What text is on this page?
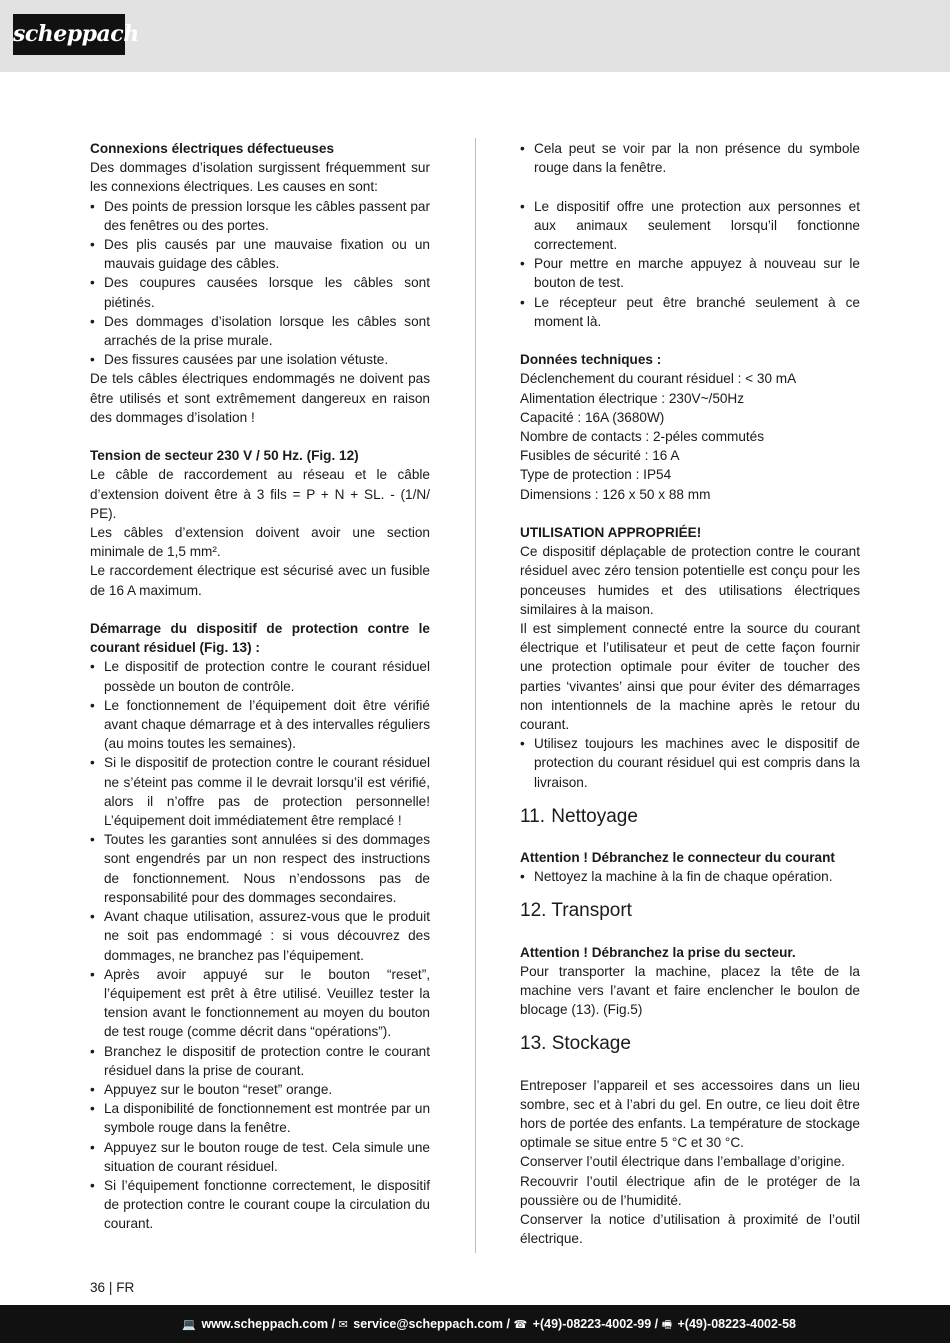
scheppach

Connexions électriques défectueuses

Des dommages d’isolation surgissent fréquemment sur les connexions électriques. Les causes en sont:

• Des points de pression lorsque les câbles passent par des fenêtres ou des portes.
• Des plis causés par une mauvaise fixation ou un mauvais guidage des câbles.
• Des coupures causées lorsque les câbles sont piétinés.
• Des dommages d’isolation lorsque les câbles sont arrachés de la prise murale.
• Des fissures causées par une isolation vétuste.

De tels câbles électriques endommagés ne doivent pas être utilisés et sont extrêmement dangereux en raison des dommages d’isolation !

Tension de secteur 230 V / 50 Hz. (Fig. 12)

Le câble de raccordement au réseau et le câble d’extension doivent être à 3 fils = P + N + SL. - (1/N/ PE).

Les câbles d’extension doivent avoir une section minimale de 1,5 mm².

Le raccordement électrique est sécurisé avec un fusible de 16 A maximum.

Démarrage du dispositif de protection contre le courant résiduel (Fig. 13) :

• Le dispositif de protection contre le courant résiduel possède un bouton de contrôle.
• Le fonctionnement de l’équipement doit être vérifié avant chaque démarrage et à des intervalles réguliers (au moins toutes les semaines).
• Si le dispositif de protection contre le courant résiduel ne s’éteint pas comme il le devrait lorsqu’il est vérifié, alors il n’offre pas de protection personnelle! L’équipement doit immédiatement être remplacé !
• Toutes les garanties sont annulées si des dommages sont engendrés par un non respect des instructions de fonctionnement. Nous n’endossons pas de responsabilité pour des dommages secondaires.
• Avant chaque utilisation, assurez-vous que le produit ne soit pas endommagé : si vous découvrez des dommages, ne branchez pas l’équipement.
• Après avoir appuyé sur le bouton “reset”, l’équipement est prêt à être utilisé. Veuillez tester la tension avant le fonctionnement au moyen du bouton de test rouge (comme décrit dans “opérations”).
• Branchez le dispositif de protection contre le courant résiduel dans la prise de courant.
• Appuyez sur le bouton “reset” orange.
• La disponibilité de fonctionnement est montrée par un symbole rouge dans la fenêtre.
• Appuyez sur le bouton rouge de test. Cela simule une situation de courant résiduel.
• Si l’équipement fonctionne correctement, le dispositif de protection contre le courant coupe la circulation du courant.
• Cela peut se voir par la non présence du symbole rouge dans la fenêtre.
• Le dispositif offre une protection aux personnes et aux animaux seulement lorsqu’il fonctionne correctement.
• Pour mettre en marche appuyez à nouveau sur le bouton de test.
• Le récepteur peut être branché seulement à ce moment là.

Données techniques :

Déclenchement du courant résiduel : < 30 mA

Alimentation électrique : 230V~/50Hz

Capacité : 16A (3680W)

Nombre de contacts : 2-péles commutés

Fusibles de sécurité : 16 A

Type de protection : IP54

Dimensions : 126 x 50 x 88 mm

UTILISATION APPROPRIÉE!

Ce dispositif déplaçable de protection contre le courant résiduel avec zéro tension potentielle est conçu pour les ponceuses humides et des utilisations électriques similaires à la maison.

Il est simplement connecté entre la source du courant électrique et l’utilisateur et peut de cette façon fournir une protection optimale pour éviter de toucher des parties ‘vivantes’ ainsi que pour éviter des démarrages non intentionnels de la machine après le retour du courant.

• Utilisez toujours les machines avec le dispositif de protection du courant résiduel qui est compris dans la livraison.
11. Nettoyage

Attention ! Débranchez le connecteur du courant

• Nettoyez la machine à la fin de chaque opération.
12. Transport

Attention ! Débranchez la prise du secteur.

Pour transporter la machine, placez la tête de la machine vers l’avant et faire enclencher le boulon de blocage (13). (Fig.5)

13. Stockage

Entreposer l’appareil et ses accessoires dans un lieu sombre, sec et à l’abri du gel. En outre, ce lieu doit être hors de portée des enfants. La température de stockage optimale se situe entre 5 °C et 30 °C.

Conserver l’outil électrique dans l’emballage d’origine.

Recouvrir l’outil électrique afin de le protéger de la poussière ou de l’humidité.

Conserver la notice d’utilisation à proximité de l’outil électrique.

36 | FR
💻 www.scheppach.com / ✉ service@scheppach.com / ☎ +(49)-08223-4002-99 / 🖷 +(49)-08223-4002-58
